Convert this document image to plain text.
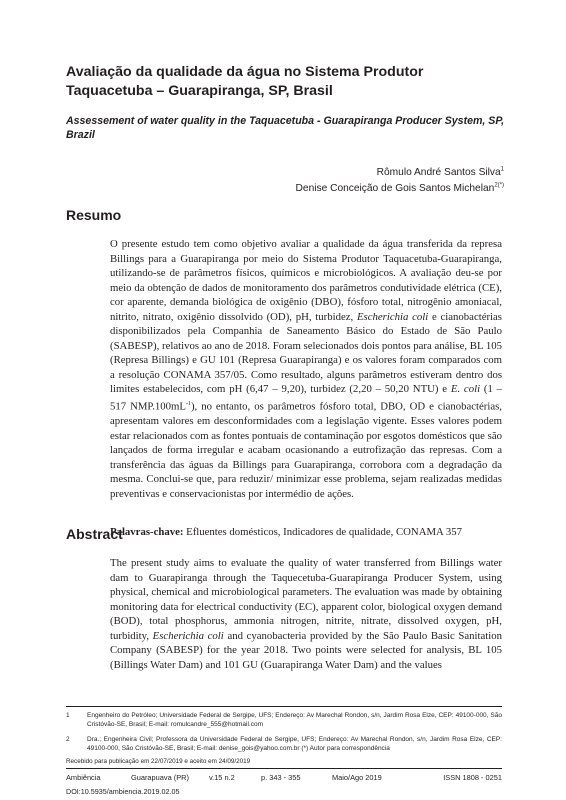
Avaliação da qualidade da água no Sistema Produtor Taquacetuba – Guarapiranga, SP, Brasil
Assessement of water quality in the Taquacetuba - Guarapiranga Producer System, SP, Brazil
Rômulo André Santos Silva$^1$
Denise Conceição de Gois Santos Michelan$^{2(*)}$
Resumo
O presente estudo tem como objetivo avaliar a qualidade da água transferida da represa Billings para a Guarapiranga por meio do Sistema Produtor Taquacetuba-Guarapiranga, utilizando-se de parâmetros físicos, químicos e microbiológicos. A avaliação deu-se por meio da obtenção de dados de monitoramento dos parâmetros condutividade elétrica (CE), cor aparente, demanda biológica de oxigênio (DBO), fósforo total, nitrogênio amoniacal, nitrito, nitrato, oxigênio dissolvido (OD), pH, turbidez, Escherichia coli e cianobactérias disponibilizados pela Companhia de Saneamento Básico do Estado de São Paulo (SABESP), relativos ao ano de 2018. Foram selecionados dois pontos para análise, BL 105 (Represa Billings) e GU 101 (Represa Guarapiranga) e os valores foram comparados com a resolução CONAMA 357/05. Como resultado, alguns parâmetros estiveram dentro dos limites estabelecidos, com pH (6,47 – 9,20), turbidez (2,20 – 50,20 NTU) e E. coli (1 – 517 $NMP.100mL^{-1}$), no entanto, os parâmetros fósforo total, DBO, OD e cianobactérias, apresentam valores em desconformidades com a legislação vigente. Esses valores podem estar relacionados com as fontes pontuais de contaminação por esgotos domésticos que são lançados de forma irregular e acabam ocasionando a eutrofização das represas. Com a transferência das águas da Billings para Guarapiranga, corrobora com a degradação da mesma. Conclui-se que, para reduzir/ minimizar esse problema, sejam realizadas medidas preventivas e conservacionistas por intermédio de ações.
Palavras-chave: Efluentes domésticos, Indicadores de qualidade, CONAMA 357
Abstract
The present study aims to evaluate the quality of water transferred from Billings water dam to Guarapiranga through the Taquecetuba-Guarapiranga Producer System, using physical, chemical and microbiological parameters. The evaluation was made by obtaining monitoring data for electrical conductivity (EC), apparent color, biological oxygen demand (BOD), total phosphorus, ammonia nitrogen, nitrite, nitrate, dissolved oxygen, pH, turbidity, Escherichia coli and cyanobacteria provided by the São Paulo Basic Sanitation Company (SABESP) for the year 2018. Two points were selected for analysis, BL 105 (Billings Water Dam) and 101 GU (Guarapiranga Water Dam) and the values
1	Engenheiro do Petróleo; Universidade Federal de Sergipe, UFS; Endereço: Av Marechal Rondon, s/n, Jardim Rosa Elze, CEP: 49100-000, São Cristóvão-SE, Brasil; E-mail: romulcandre_555@hotmail.com
2	Dra.; Engenheira Civil; Professora da Universidade Federal de Sergipe, UFS; Endereço: Av Marechal Rondon, s/n, Jardim Rosa Elze, CEP: 49100-000, São Cristóvão-SE, Brasil; E-mail: denise_gois@yahoo.com.br (*) Autor para correspondência
Recebido para publicação em 22/07/2019 e aceito em 24/09/2019
Ambiência	Guarapuava (PR)	v.15 n.2	p. 343 - 355	Maio/Ago 2019	ISSN 1808 - 0251
DOI:10.5935/ambiencia.2019.02.05
